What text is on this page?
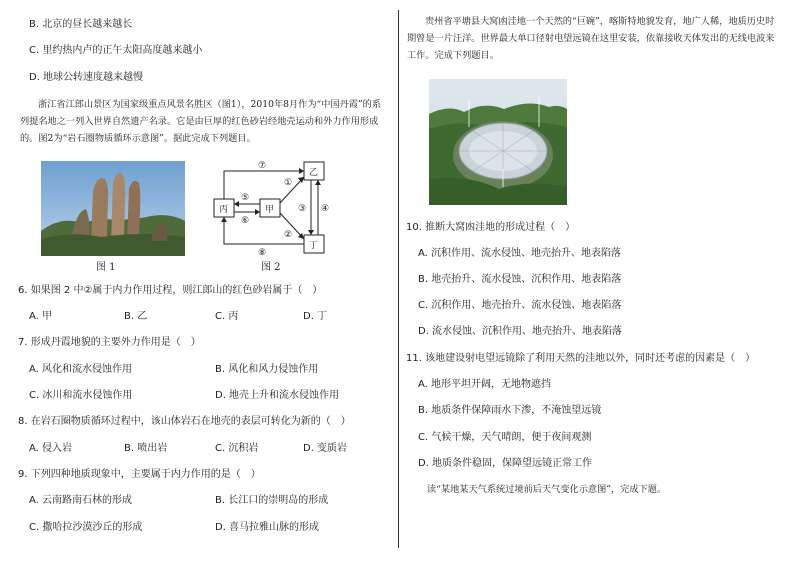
B. 北京的昼长越来越长
C. 里约热内卢的正午太阳高度越来越小
D. 地球公转速度越来越慢
浙江省江郎山景区为国家级重点风景名胜区（图1），2010年8月作为“中国丹霞”的系列提名地之一列入世界自然遗产名录。它是由巨厚的红色砂岩经地壳运动和外力作用形成的。图2为“岩石圈物质循环示意图”。据此完成下列题目。
图 1
丙	甲
乙
丁
⑦
⑧
⑤
⑥
①
②
③ ④
图 2
6. 如果图 2 中②属于内力作用过程，则江郎山的红色砂岩属于（　）
A. 甲	B. 乙	C. 丙	D. 丁
7. 形成丹霞地貌的主要外力作用是（　）
A. 风化和流水侵蚀作用	B. 风化和风力侵蚀作用
C. 冰川和流水侵蚀作用	D. 地壳上升和流水侵蚀作用
8. 在岩石圈物质循环过程中，该山体岩石在地壳的表层可转化为新的（　）
A. 侵入岩	B. 喷出岩	C. 沉积岩	D. 变质岩
9. 下列四种地质现象中，主要属于内力作用的是（　）
A. 云南路南石林的形成	B. 长江口的崇明岛的形成
C. 撒哈拉沙漠沙丘的形成	D. 喜马拉雅山脉的形成
贵州省平塘县大窝凼洼地一个天然的“巨碗”，喀斯特地貌发育，地广人稀，地质历史时期曾是一片汪洋。世界最大单口径射电望远镜在这里安装，依靠接收天体发出的无线电波来工作。完成下列题目。
10. 推断大窝凼洼地的形成过程（　）
A. 沉积作用、流水侵蚀、地壳抬升、地表陷落
B. 地壳抬升、流水侵蚀、沉积作用、地表陷落
C. 沉积作用、地壳抬升、流水侵蚀、地表陷落
D. 流水侵蚀、沉积作用、地壳抬升、地表陷落
11. 该地建设射电望远镜除了利用天然的洼地以外，同时还考虑的因素是（　）
A. 地形平坦开阔，无地物遮挡
B. 地质条件保障雨水下渗，不淹蚀望远镜
C. 气候干燥，天气晴朗，便于夜间观测
D. 地质条件稳固，保障望远镜正常工作
读“某地某天气系统过境前后天气变化示意图”，完成下题。
